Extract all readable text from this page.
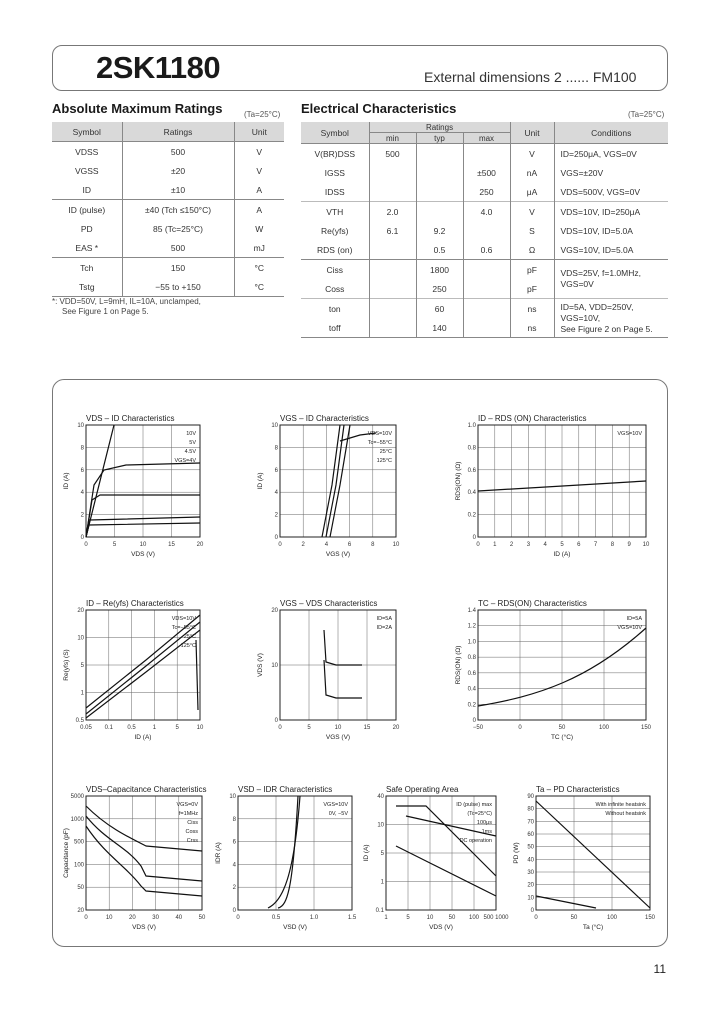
2SK1180	External dimensions 2 ...... FM100
Absolute Maximum Ratings	(Ta=25°C)
Symbol	Ratings	Unit
VDSS	500	V
VGSS	±20	V
ID	±10	A
ID (pulse)	±40 (Tch ≤150°C)	A
PD	85 (Tc=25°C)	W
EAS *	500	mJ
Tch	150	°C
Tstg	−55 to +150	°C

*: VDD=50V, L=9mH, IL=10A, unclamped,
See Figure 1 on Page 5.
Electrical Characteristics	(Ta=25°C)
Symbol	Ratings			Unit	Conditions
	min	typ	max		
V(BR)DSS	500			V	ID=250μA, VGS=0V
IGSS			±500	nA	VGS=±20V
IDSS			250	μA	VDS=500V, VGS=0V
VTH	2.0		4.0	V	VDS=10V, ID=250μA
Re(yfs)	6.1	9.2		S	VDS=10V, ID=5.0A
RDS (on)		0.5	0.6	Ω	VGS=10V, ID=5.0A
Ciss		1800		pF	VDS=25V, f=1.0MHz,
VGS=0V

Coss		250		pF	
ton		60		ns	ID=5A, VDD=250V,
VGS=10V,
See Figure 2 on Page 5.

toff		140		ns	

VDS – ID Characteristics
0	5	10	15	20
0
2
4
6
8
10
10V
5V
4.5V
VGS=4V
VDS (V)
ID (A)
VGS – ID Characteristics
0	2	4	6	8	10
0
2
4
6
8
10
VDS=10V
Tc=−55°C
25°C
125°C
VGS (V)
ID (A)
ID – RDS (ON) Characteristics
0 1 2 3 4 5 6 7 8 9 10
0
0.2
0.4
0.6
0.8
1.0
VGS=10V
ID (A)
RDS(ON) (Ω)
ID – Re(yfs) Characteristics
0.05 0.1 0.5	1	5	10
0.5
1
5
10
20
VDS=10V
Tc=−55°C
25°C
125°C
ID (A)
Re(yfs) (S)
VGS – VDS Characteristics
0	5	10	15	20
0
10
20
ID=5A
ID=2A
VGS (V)
VDS (V)
TC – RDS(ON) Characteristics
−50	0	50	100	150
0
0.2
0.4
0.6
0.8
1.0
1.2
1.4
ID=5A
VGS=10V
TC (°C)
RDS(ON) (Ω)
VDS–Capacitance Characteristics
0	10	20	30	40	50
20
50
100
500
1000
5000
VGS=0V
f=1MHz
Ciss
Coss
Crss
VDS (V)
Capacitance (pF)
VSD – IDR Characteristics
0	0.5	1.0	1.5
0
2
4
6
8
10
VGS=10V
0V, −5V
VSD (V)
IDR (A)
Safe Operating Area
1	5	10	50 100 500 1000
0.1
1
5
10
40
ID (pulse) max
(Tc=25°C)
100μs
1ms
DC operation
VDS (V)
ID (A)
Ta – PD Characteristics
0	50	100	150
0
10
20
30
40
50
60
70
80
90
With infinite heatsink
Without heatsink
Ta (°C)
PD (W)
11
